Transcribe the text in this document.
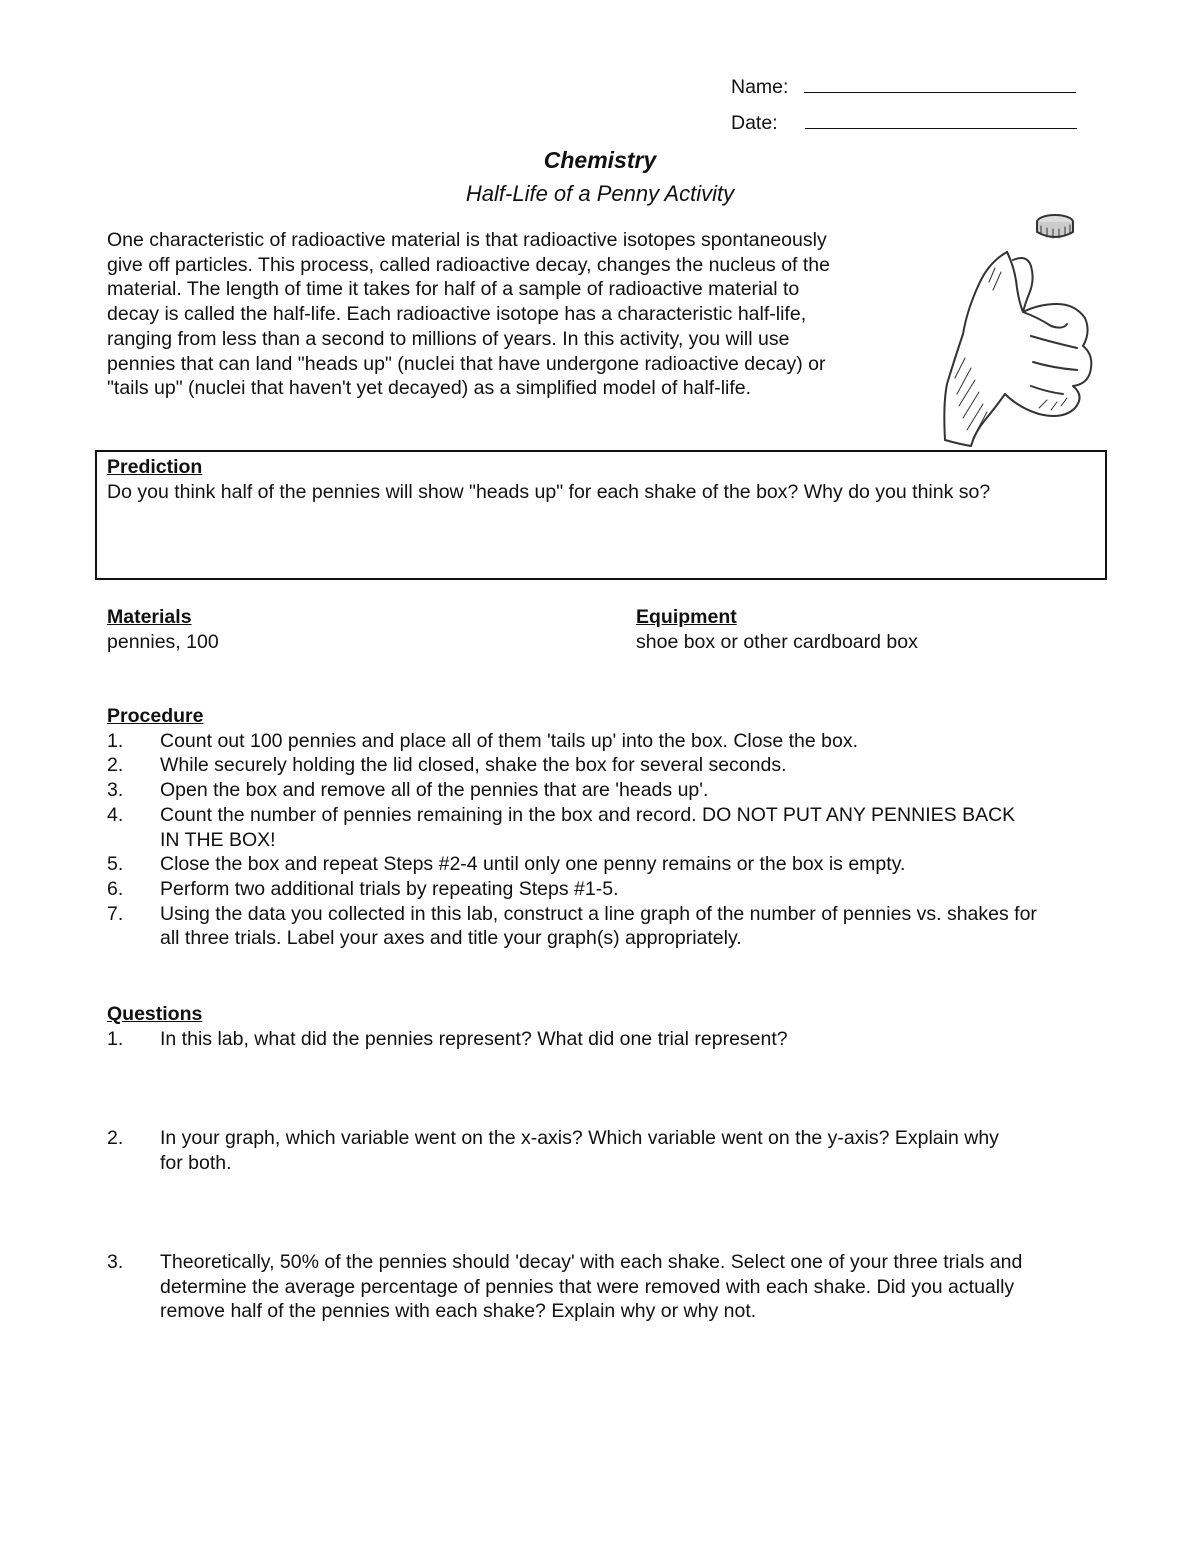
Name:
Date:
Chemistry
Half-Life of a Penny Activity
One characteristic of radioactive material is that radioactive isotopes spontaneously
give off particles. This process, called radioactive decay, changes the nucleus of the
material. The length of time it takes for half of a sample of radioactive material to
decay is called the half-life. Each radioactive isotope has a characteristic half-life,
ranging from less than a second to millions of years. In this activity, you will use
pennies that can land "heads up" (nuclei that have undergone radioactive decay) or
"tails up" (nuclei that haven't yet decayed) as a simplified model of half-life.
Prediction
Do you think half of the pennies will show "heads up" for each shake of the box? Why do you think so?
Materials
pennies, 100
Equipment
shoe box or other cardboard box
Procedure
1. Count out 100 pennies and place all of them 'tails up' into the box. Close the box.
2. While securely holding the lid closed, shake the box for several seconds.
3. Open the box and remove all of the pennies that are 'heads up'.
4. Count the number of pennies remaining in the box and record. DO NOT PUT ANY PENNIES BACK
IN THE BOX!
5. Close the box and repeat Steps #2-4 until only one penny remains or the box is empty.
6. Perform two additional trials by repeating Steps #1-5.
7. Using the data you collected in this lab, construct a line graph of the number of pennies vs. shakes for
all three trials. Label your axes and title your graph(s) appropriately.
Questions
1. In this lab, what did the pennies represent? What did one trial represent?
2. In your graph, which variable went on the x-axis? Which variable went on the y-axis? Explain why
for both.
3. Theoretically, 50% of the pennies should 'decay' with each shake. Select one of your three trials and
determine the average percentage of pennies that were removed with each shake. Did you actually
remove half of the pennies with each shake? Explain why or why not.
